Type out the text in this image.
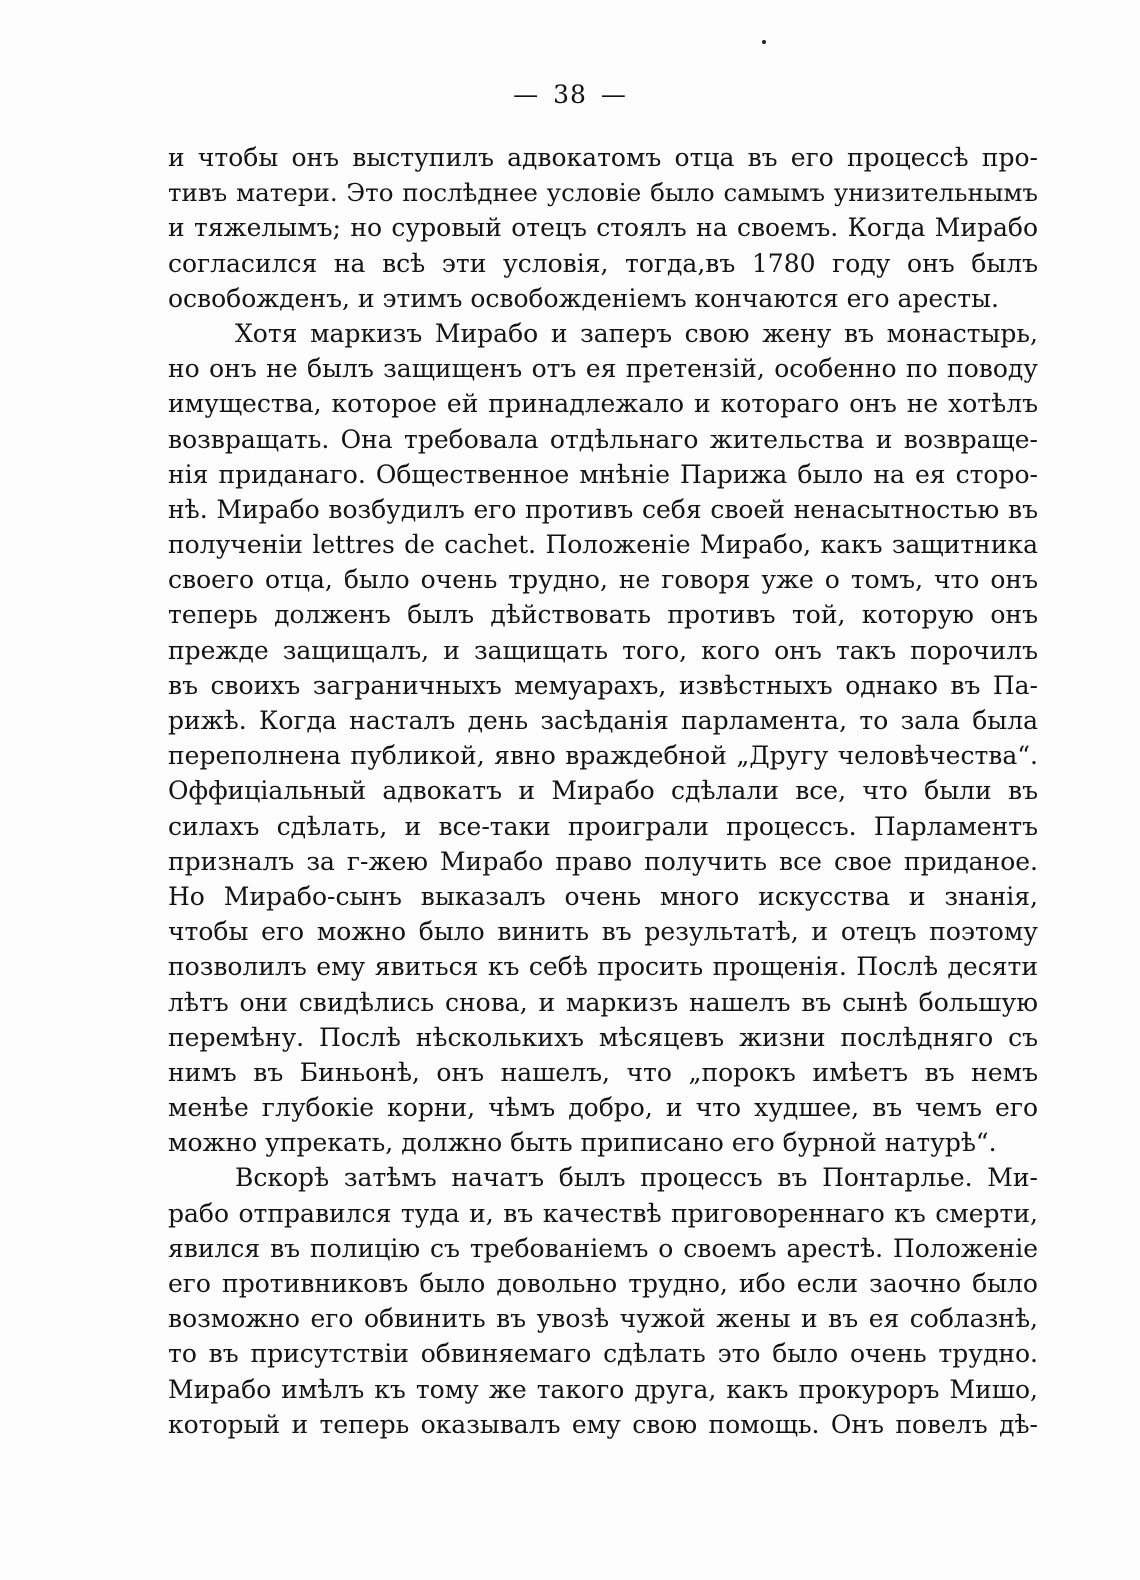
— 38 —
и чтобы онъ выступилъ адвокатомъ отца въ его процессѣ про-
тивъ матери. Это послѣднее условіе было самымъ унизительнымъ
и тяжелымъ; но суровый отецъ стоялъ на своемъ. Когда Мирабо
согласился на всѣ эти условія, тогда,въ 1780 году онъ былъ
освобожденъ, и этимъ освобожденіемъ кончаются его аресты.
Хотя маркизъ Мирабо и заперъ свою жену въ монастырь,
но онъ не былъ защищенъ отъ ея претензій, особенно по поводу
имущества, которое ей принадлежало и котораго онъ не хотѣлъ
возвращать. Она требовала отдѣльнаго жительства и возвраще-
нія приданаго. Общественное мнѣніе Парижа было на ея сторо-
нѣ. Мирабо возбудилъ его противъ себя своей ненасытностью въ
полученіи lettres de cachet. Положеніе Мирабо, какъ защитника
своего отца, было очень трудно, не говоря уже о томъ, что онъ
теперь долженъ былъ дѣйствовать противъ той, которую онъ
прежде защищалъ, и защищать того, кого онъ такъ порочилъ
въ своихъ заграничныхъ мемуарахъ, извѣстныхъ однако въ Па-
рижѣ. Когда насталъ день засѣданія парламента, то зала была
переполнена публикой, явно враждебной „Другу человѣчества“.
Оффиціальный адвокатъ и Мирабо сдѣлали все, что были въ
силахъ сдѣлать, и все-таки проиграли процессъ. Парламентъ
призналъ за г-жею Мирабо право получить все свое приданое.
Но Мирабо-сынъ выказалъ очень много искусства и знанія,
чтобы его можно было винить въ результатѣ, и отецъ поэтому
позволилъ ему явиться къ себѣ просить прощенія. Послѣ десяти
лѣтъ они свидѣлись снова, и маркизъ нашелъ въ сынѣ большую
перемѣну. Послѣ нѣсколькихъ мѣсяцевъ жизни послѣдняго съ
нимъ въ Биньонѣ, онъ нашелъ, что „порокъ имѣетъ въ немъ
менѣе глубокіе корни, чѣмъ добро, и что худшее, въ чемъ его
можно упрекать, должно быть приписано его бурной натурѣ“.
Вскорѣ затѣмъ начатъ былъ процессъ въ Понтарлье. Ми-
рабо отправился туда и, въ качествѣ приговореннаго къ смерти,
явился въ полицію съ требованіемъ о своемъ арестѣ. Положеніе
его противниковъ было довольно трудно, ибо если заочно было
возможно его обвинить въ увозѣ чужой жены и въ ея соблазнѣ,
то въ присутствіи обвиняемаго сдѣлать это было очень трудно.
Мирабо имѣлъ къ тому же такого друга, какъ прокуроръ Мишо,
который и теперь оказывалъ ему свою помощь. Онъ повелъ дѣ-
